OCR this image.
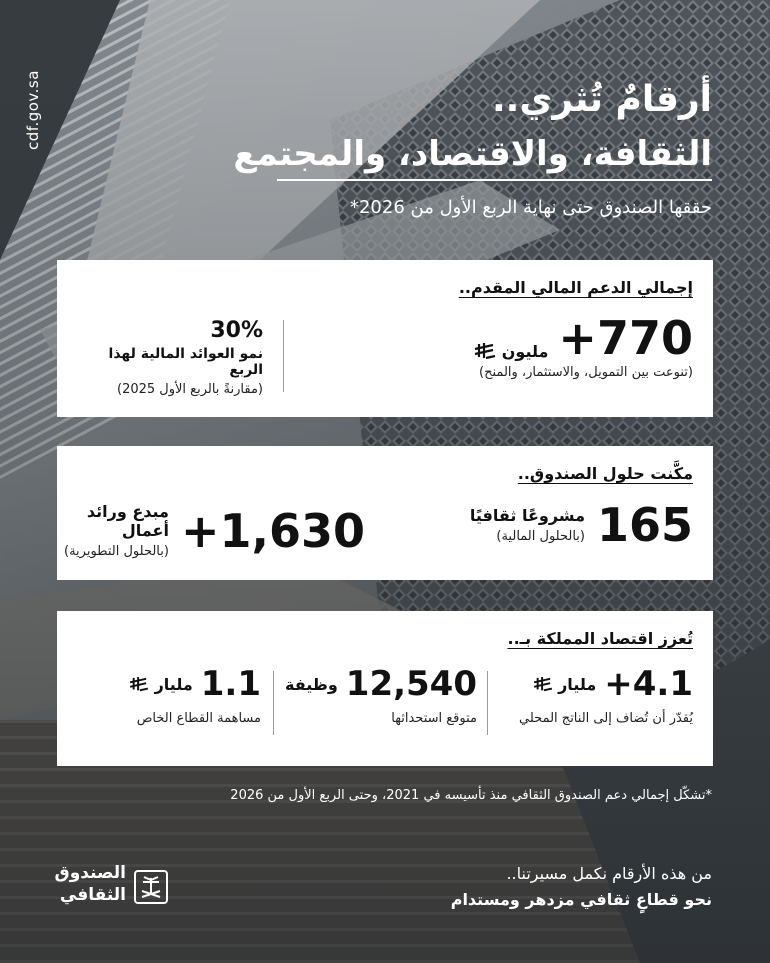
cdf.gov.sa	أرقامٌ تُثري..
الثقافة، والاقتصاد، والمجتمع
حققها الصندوق حتى نهاية الربع الأول من 2026*
إجمالي الدعم المالي المقدم..
+770
مليون
(تنوعت بين التمويل، والاستثمار، والمنح)
30%
نمو العوائد المالية لهذا الربع
(مقارنةً بالربع الأول 2025)
مكَّنت حلول الصندوق..
165
مشروعًا ثقافيًا
(بالحلول المالية)
+1,630
مبدع ورائد أعمال
(بالحلول التطويرية)
تُعزز اقتصاد المملكة بـ..
+4.1
مليار
يُقدّر أن تُضاف إلى الناتج المحلي
12,540
وظيفة
متوقع استحداثها
1.1
مليار
مساهمة القطاع الخاص
*تشكّل إجمالي دعم الصندوق الثقافي منذ تأسيسه في 2021، وحتى الربع الأول من 2026
من هذه الأرقام نكمل مسيرتنا..
نحو قطاعٍ ثقافي مزدهر ومستدام
الصندوق
الثقافي
